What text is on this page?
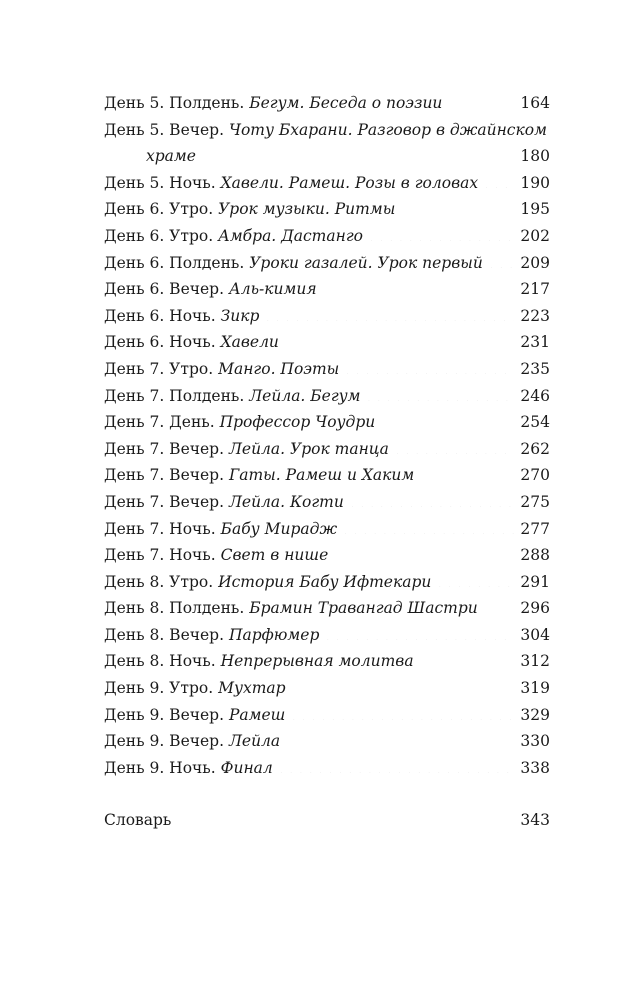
День 5. Полдень.
Бегум. Беседа о поэзии . . .	164
День 5. Вечер. Чоту Бхарани. Разговор в джайнском
храме . . .	180
День 5. Ночь.
Хавели. Рамеш. Розы в головах . . .	190
День 6. Утро.
Урок музыки. Ритмы . . .	195
День 6. Утро.
Амбра. Дастанго . . .	202
День 6. Полдень.
Уроки газалей. Урок первый . . . 209
День 6. Вечер.
Аль-кимия . . .	217
День 6. Ночь.
Зикр . . .	223
День 6. Ночь.
Хавели . . .	231
День 7. Утро.
Манго. Поэты . . .	235
День 7. Полдень.
Лейла. Бегум . . .	246
День 7. День.
Профессор Чоудри . . .	254
День 7. Вечер.
Лейла. Урок танца . . .	262
День 7. Вечер.
Гаты. Рамеш и Хаким . . .	270
День 7. Вечер.
Лейла. Когти . . .	275
День 7. Ночь.
Бабу Мирадж . . .	277
День 7. Ночь.
Свет в нише . . .	288
День 8. Утро.
История Бабу Ифтекари . . .	291
День 8. Полдень.
Брамин Травангад Шастри . . .	296
День 8. Вечер.
Парфюмер . . .	304
День 8. Ночь.
Непрерывная молитва . . .	312
День 9. Утро.
Мухтар . . .	319
День 9. Вечер.
Рамеш . . .	329
День 9. Вечер.
Лейла . . .	330
День 9. Ночь.
Финал . . .	338
Словарь . . .	343
